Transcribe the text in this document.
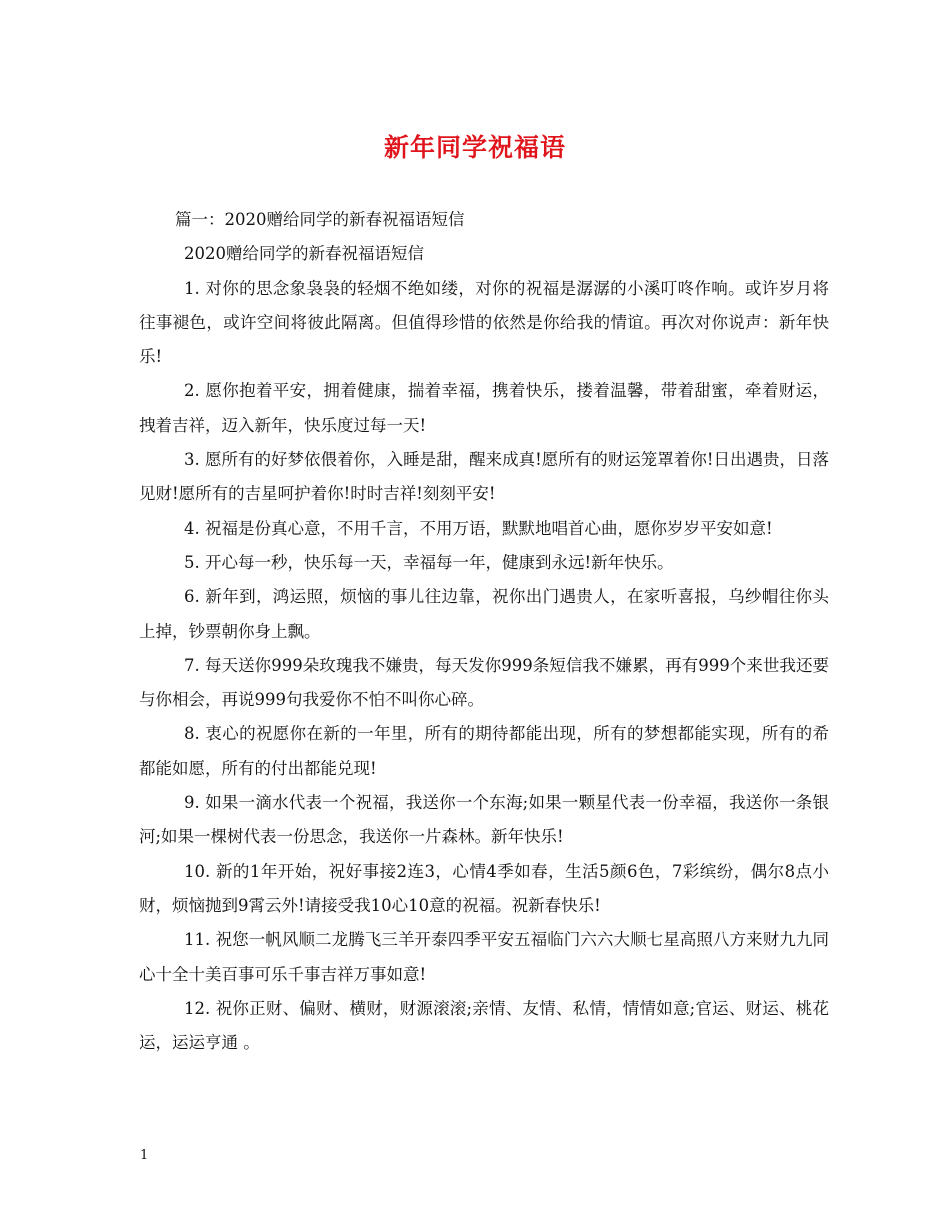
新年同学祝福语

篇一：2020赠给同学的新春祝福语短信

2020赠给同学的新春祝福语短信

1. 对你的思念象袅袅的轻烟不绝如缕，对你的祝福是潺潺的小溪叮咚作响。或许岁月将往事褪色，或许空间将彼此隔离。但值得珍惜的依然是你给我的情谊。再次对你说声：新年快乐!

2. 愿你抱着平安，拥着健康，揣着幸福，携着快乐，搂着温馨，带着甜蜜，牵着财运，拽着吉祥，迈入新年，快乐度过每一天!

3. 愿所有的好梦依偎着你，入睡是甜，醒来成真!愿所有的财运笼罩着你!日出遇贵，日落见财!愿所有的吉星呵护着你!时时吉祥!刻刻平安!

4. 祝福是份真心意，不用千言，不用万语，默默地唱首心曲，愿你岁岁平安如意!

5. 开心每一秒，快乐每一天，幸福每一年，健康到永远!新年快乐。

6. 新年到，鸿运照，烦恼的事儿往边靠，祝你出门遇贵人，在家听喜报，乌纱帽往你头上掉，钞票朝你身上飘。

7. 每天送你999朵玫瑰我不嫌贵，每天发你999条短信我不嫌累，再有999个来世我还要与你相会，再说999句我爱你不怕不叫你心碎。

8. 衷心的祝愿你在新的一年里，所有的期待都能出现，所有的梦想都能实现，所有的希都能如愿，所有的付出都能兑现!

9. 如果一滴水代表一个祝福，我送你一个东海;如果一颗星代表一份幸福，我送你一条银河;如果一棵树代表一份思念，我送你一片森林。新年快乐!

10. 新的1年开始，祝好事接2连3，心情4季如春，生活5颜6色，7彩缤纷，偶尔8点小财，烦恼抛到9霄云外!请接受我10心10意的祝福。祝新春快乐!

11. 祝您一帆风顺二龙腾飞三羊开泰四季平安五福临门六六大顺七星高照八方来财九九同心十全十美百事可乐千事吉祥万事如意!

12. 祝你正财、偏财、横财，财源滚滚;亲情、友情、私情，情情如意;官运、财运、桃花运，运运亨通 。

1
